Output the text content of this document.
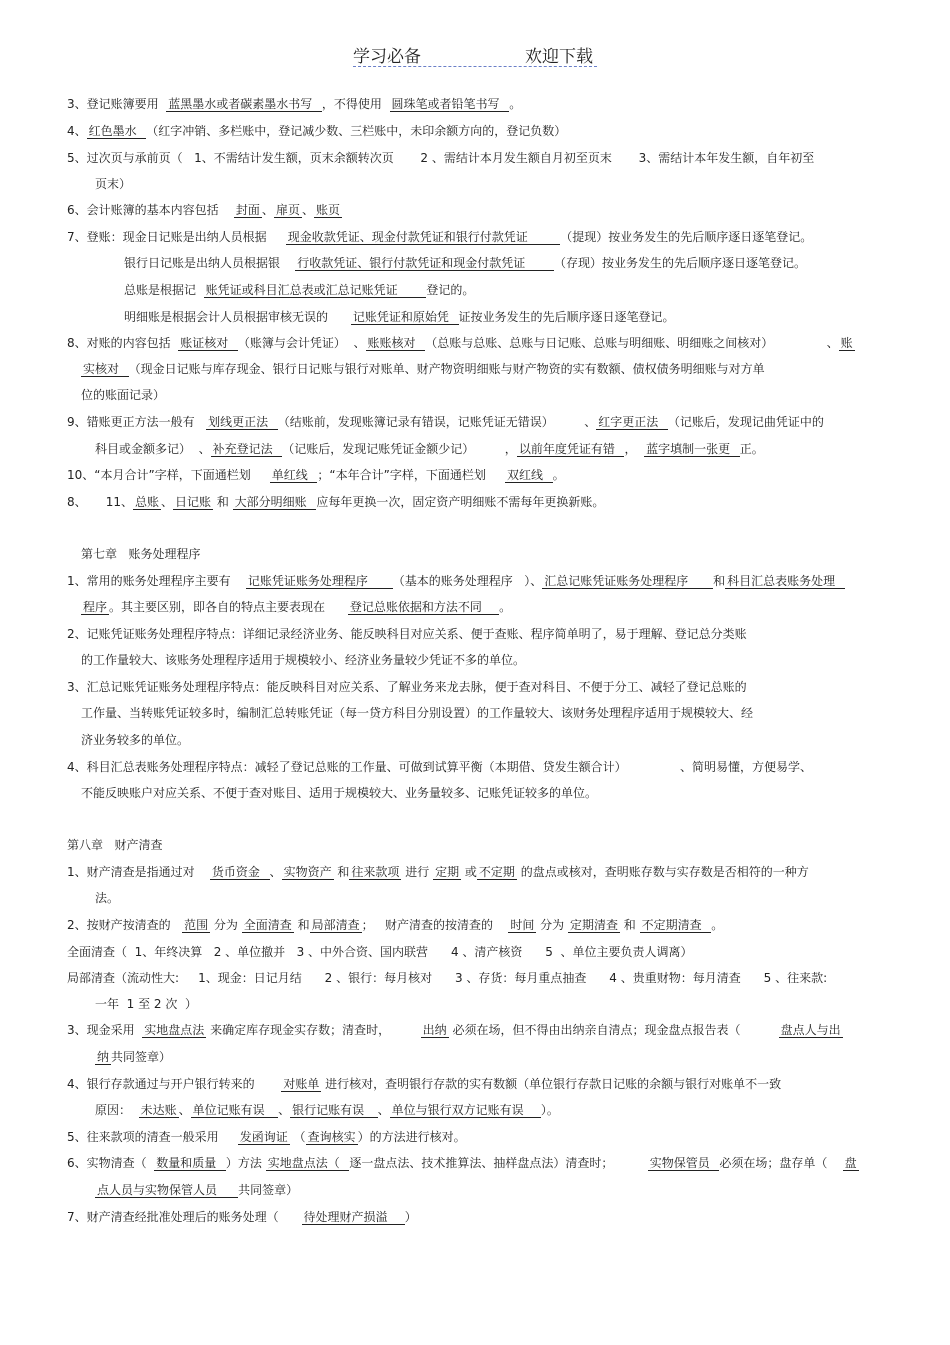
学习必备	欢迎下载
3、登记账簿要用  蓝黑墨水或者碳素墨水书写  ，不得使用  圆珠笔或者铅笔书写  。
4、 红色墨水  （红字冲销、多栏账中，登记减少数、三栏账中，未印余额方向的，登记负数）
5、过次页与承前页（   1、不需结计发生额，页末余额转次页       2 、需结计本月发生额自月初至页末       3、需结计本年发生额，自年初至
页末）
6、会计账簿的基本内容包括    封面 、 扉页 、 账页
7、登账：现金日记账是出纳人员根据     现金收款凭证、现金付款凭证和银行付款凭证        （提现）按业务发生的先后顺序逐日逐笔登记。
银行日记账是出纳人员根据银    行收款凭证、银行付款凭证和现金付款凭证       （存现）按业务发生的先后顺序逐日逐笔登记。
总账是根据记  账凭证或科目汇总表或汇总记账凭证       登记的。
明细账是根据会计人员根据审核无误的      记账凭证和原始凭  证按业务发生的先后顺序逐日逐笔登记。
8、对账的内容包括  账证核对  （账簿与会计凭证）  、 账账核对  （总账与总账、总账与日记账、总账与明细账、明细账之间核对）              、 账
实核对  （现金日记账与库存现金、银行日记账与银行对账单、财产物资明细账与财产物资的实有数额、债权债务明细账与对方单
位的账面记录）
9、错账更正方法一般有   划线更正法  （结账前，发现账簿记录有错误，记账凭证无错误）        、 红字更正法  （记账后，发现记曲凭证中的
科目或金额多记）  、 补充登记法  （记账后，发现记账凭证金额少记）        ， 以前年度凭证有错  ，  蓝字填制一张更  正。
10、“本月合计”字样，下面通栏划     单红线  ；“本年合计”字样，下面通栏划     双红线  。
8、     11、 总账 、 日记账 和 大部分明细账  应每年更换一次，固定资产明细账不需每年更换新账。
第七章   账务处理程序
1、常用的账务处理程序主要有    记账凭证账务处理程序      （基本的账务处理程序   ）、 汇总记账凭证账务处理程序      和 科目汇总表账务处理
程序 。其主要区别，即各自的特点主要表现在      登记总账依据和方法不同    。
2、记账凭证账务处理程序特点：详细记录经济业务、能反映科目对应关系、便于查账、程序简单明了，易于理解、登记总分类账
的工作量较大、该账务处理程序适用于规模较小、经济业务量较少凭证不多的单位。
3、汇总记账凭证账务处理程序特点：能反映科目对应关系、了解业务来龙去脉，便于查对科目、不便于分工、减轻了登记总账的
工作量、当转账凭证较多时，编制汇总转账凭证（每一贷方科目分别设置）的工作量较大、该财务处理程序适用于规模较大、经
济业务较多的单位。
4、科目汇总表账务处理程序特点：减轻了登记总账的工作量、可做到试算平衡（本期借、贷发生额合计）              、简明易懂，方便易学、
不能反映账户对应关系、不便于查对账目、适用于规模较大、业务量较多、记账凭证较多的单位。
第八章   财产清查
1、财产清查是指通过对    货币资金  、 实物资产 和 往来款项 进行 定期 或 不定期 的盘点或核对，查明账存数与实存数是否相符的一种方
法。
2、按财产按清查的   范围 分为 全面清查 和 局部清查 ；   财产清查的按清查的    时间 分为 定期清查 和 不定期清查  。
全面清查（  1、年终决算   2 、单位撤并   3 、中外合资、国内联营      4 、清产核资      5  、单位主要负责人调离）
局部清查（流动性大:     1、现金：日记月结      2 、银行：每月核对      3 、存货：每月重点抽查      4 、贵重财物：每月清查      5 、往来款:
一年  1 至 2 次  ）
3、现金采用  实地盘点法 来确定库存现金实存数；清查时，        出纳 必须在场，但不得由出纳亲自清点；现金盘点报告表（          盘点人与出
纳 共同签章）
4、银行存款通过与开户银行转来的       对账单 进行核对，查明银行存款的实有数额（单位银行存款日记账的余额与银行对账单不一致
原因：  未达账 、 单位记账有误   、 银行记账有误   、 单位与银行双方记账有误    ）。
5、往来款项的清查一般采用     发函询证 （ 查询核实 ）的方法进行核对。
6、实物清查（  数量和质量  ）方法 实地盘点法（  逐一盘点法、技术推算法、抽样盘点法）清查时；         实物保管员  必须在场；盘存单（    盘
点人员与实物保管人员     共同签章）
7、财产清查经批准处理后的账务处理（      待处理财产损溢    ）
